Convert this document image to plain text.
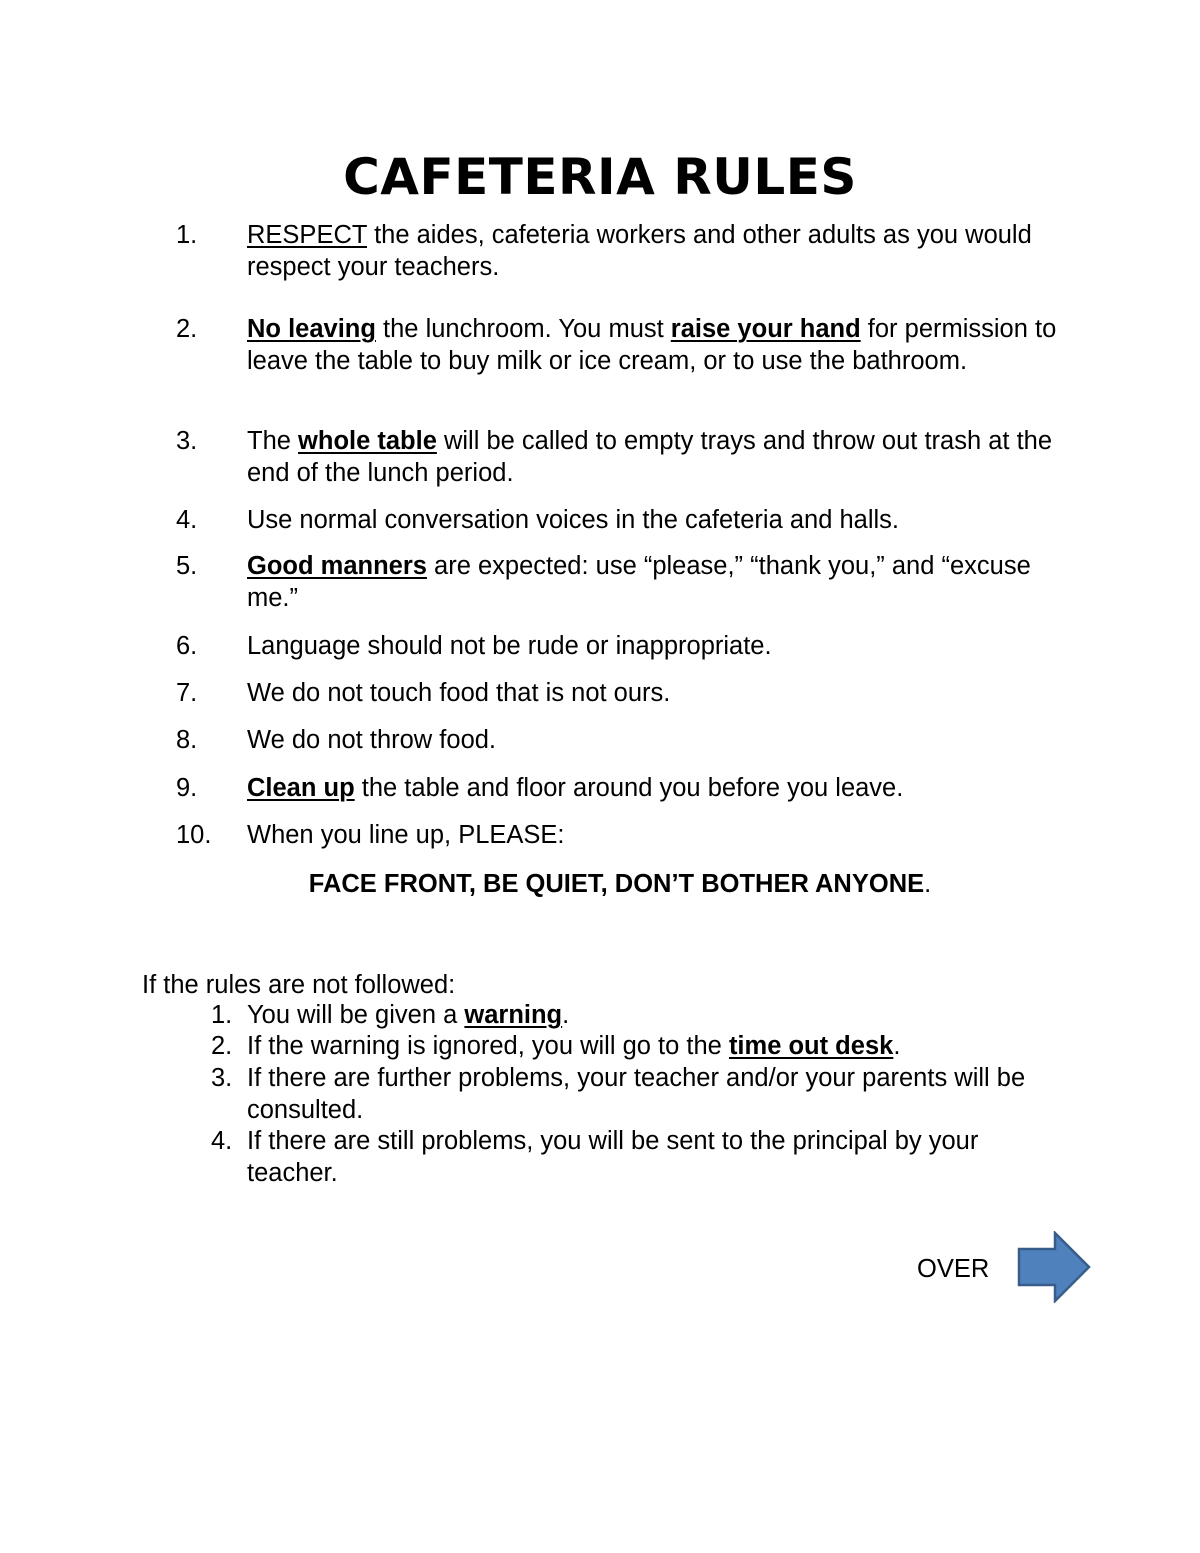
CAFETERIA RULES
1. RESPECT the aides, cafeteria workers and other adults as you would respect your teachers.
2. No leaving the lunchroom. You must raise your hand for permission to leave the table to buy milk or ice cream, or to use the bathroom.
3. The whole table will be called to empty trays and throw out trash at the end of the lunch period.
4. Use normal conversation voices in the cafeteria and halls.
5. Good manners are expected: use “please,” “thank you,” and “excuse me.”
6. Language should not be rude or inappropriate.
7. We do not touch food that is not ours.
8. We do not throw food.
9. Clean up the table and floor around you before you leave.
10. When you line up, PLEASE:
FACE FRONT, BE QUIET, DON’T BOTHER ANYONE.
If the rules are not followed:
1. You will be given a warning.
2. If the warning is ignored, you will go to the time out desk.
3. If there are further problems, your teacher and/or your parents will be consulted.
4. If there are still problems, you will be sent to the principal by your teacher.
OVER
